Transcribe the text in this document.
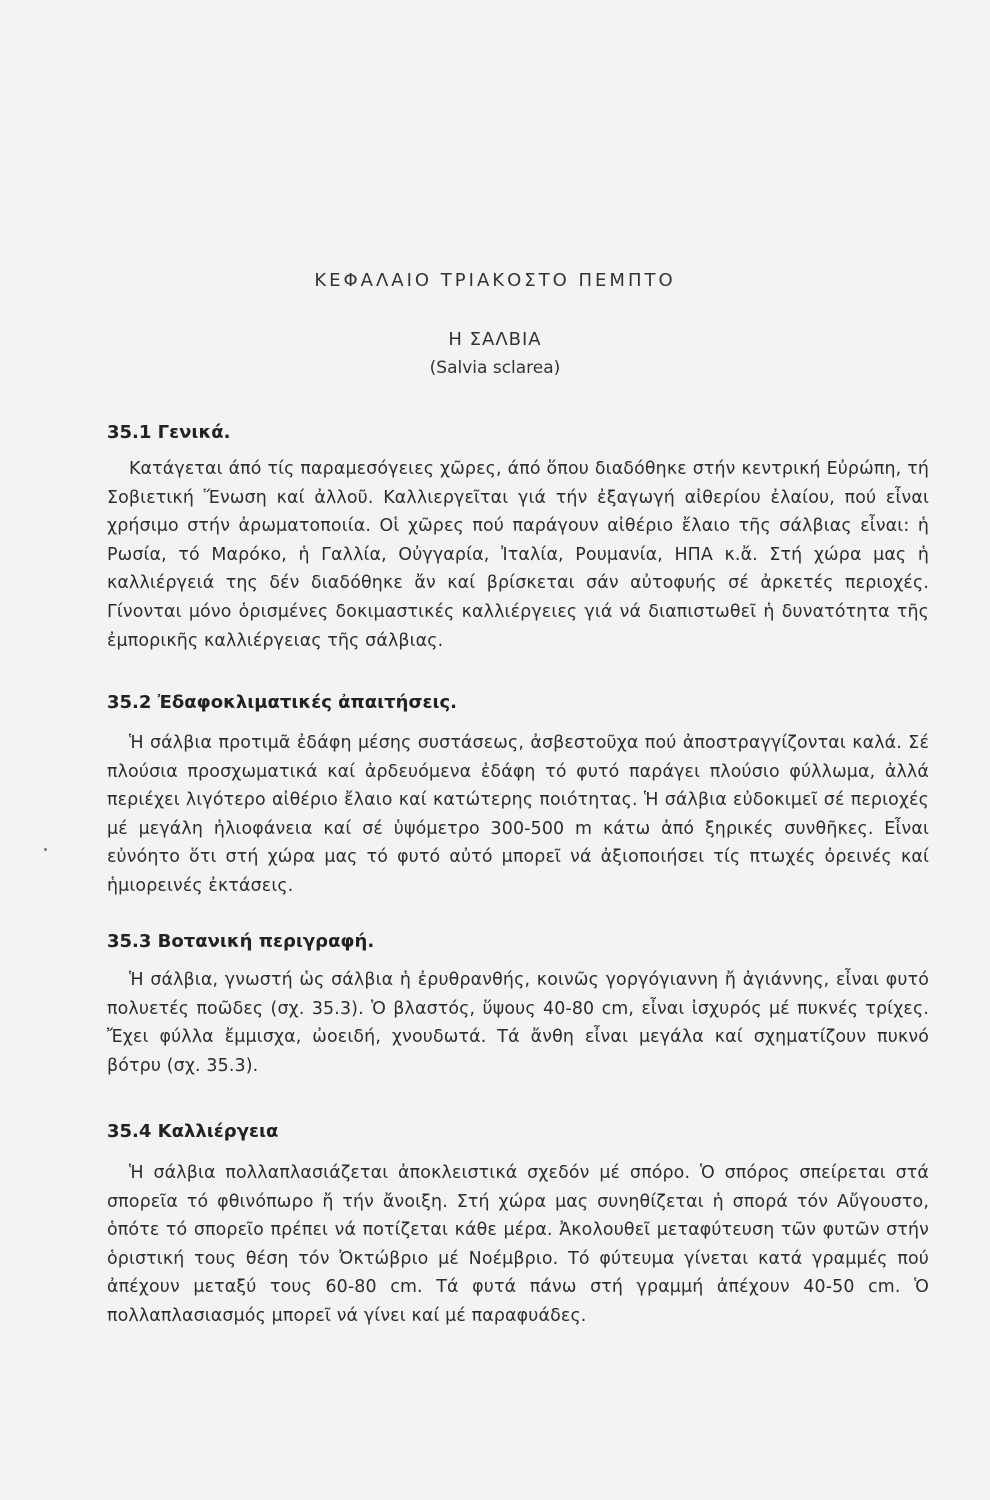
ΚΕΦΑΛΑΙΟ ΤΡΙΑΚΟΣΤΟ ΠΕΜΠΤΟ
Η ΣΑΛΒΙΑ
(Salvia sclarea)
35.1 Γενικά.

Κατάγεται άπό τίς παραμεσόγειες χῶρες, άπό ὅπου διαδόθηκε στήν κεντρική Εὐρώπη, τή Σοβιετική Ἕνωση καί ἀλλοῦ. Καλλιεργεῖται γιά τήν ἐξαγωγή αἰθερίου ἐλαίου, πού εἶναι χρήσιμο στήν ἀρωματοποιία. Οἱ χῶρες πού παράγουν αἰθέριο ἔλαιο τῆς σάλβιας εἶναι: ἡ Ρωσία, τό Μαρόκο, ἡ Γαλλία, Οὐγγαρία, Ἰταλία, Ρουμανία, ΗΠΑ κ.ἄ. Στή χώρα μας ἡ καλλιέργειά της δέν διαδόθηκε ἄν καί βρίσκεται σάν αὐτοφυής σέ ἀρκετές περιοχές. Γίνονται μόνο ὁρισμένες δοκιμαστικές καλλιέργειες γιά νά διαπιστωθεῖ ἡ δυνατότητα τῆς ἐμπορικῆς καλλιέργειας τῆς σάλβιας.

35.2 Ἐδαφοκλιματικές ἀπαιτήσεις.

Ἡ σάλβια προτιμᾶ ἐδάφη μέσης συστάσεως, ἀσβεστοῦχα πού ἀποστραγγίζονται καλά. Σέ πλούσια προσχωματικά καί ἀρδευόμενα ἐδάφη τό φυτό παράγει πλούσιο φύλλωμα, ἀλλά περιέχει λιγότερο αἰθέριο ἔλαιο καί κατώτερης ποιότητας. Ἡ σάλβια εὐδοκιμεῖ σέ περιοχές μέ μεγάλη ἡλιοφάνεια καί σέ ὑψόμετρο 300-500 m κάτω ἀπό ξηρικές συνθῆκες. Εἶναι εὐνόητο ὅτι στή χώρα μας τό φυτό αὐτό μπορεῖ νά ἀξιοποιήσει τίς πτωχές ὀρεινές καί ἡμιορεινές ἐκτάσεις.

35.3 Βοτανική περιγραφή.

Ἡ σάλβια, γνωστή ὡς σάλβια ἡ ἐρυθρανθής, κοινῶς γοργόγιαννη ἤ ἀγιάννης, εἶναι φυτό πολυετές ποῶδες (σχ. 35.3). Ὁ βλαστός, ὕψους 40-80 cm, εἶναι ἰσχυρός μέ πυκνές τρίχες. Ἔχει φύλλα ἔμμισχα, ὠοειδή, χνουδωτά. Τά ἄνθη εἶναι μεγάλα καί σχηματίζουν πυκνό βότρυ (σχ. 35.3).

35.4 Καλλιέργεια

Ἡ σάλβια πολλαπλασιάζεται ἀποκλειστικά σχεδόν μέ σπόρο. Ὁ σπόρος σπείρεται στά σπορεῖα τό φθινόπωρο ἤ τήν ἄνοιξη. Στή χώρα μας συνηθίζεται ἡ σπορά τόν Αὔγουστο, ὁπότε τό σπορεῖο πρέπει νά ποτίζεται κάθε μέρα. Ἀκολουθεῖ μεταφύτευση τῶν φυτῶν στήν ὁριστική τους θέση τόν Ὀκτώβριο μέ Νοέμβριο. Τό φύτευμα γίνεται κατά γραμμές πού ἀπέχουν μεταξύ τους 60-80 cm. Τά φυτά πάνω στή γραμμή ἀπέχουν 40-50 cm. Ὁ πολλαπλασιασμός μπορεῖ νά γίνει καί μέ παραφυάδες.
